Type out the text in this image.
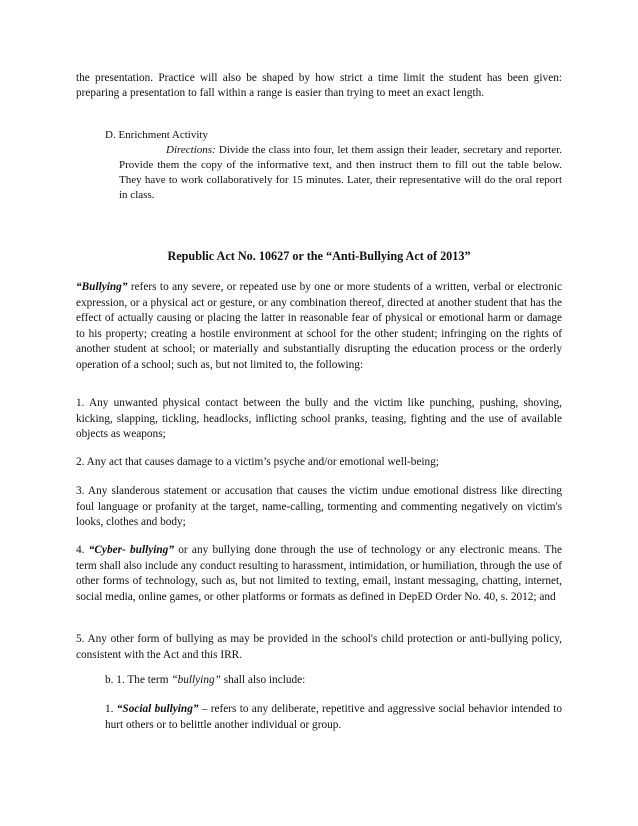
the presentation. Practice will also be shaped by how strict a time limit the student has been given: preparing a presentation to fall within a range is easier than trying to meet an exact length.
D. Enrichment Activity
Directions: Divide the class into four, let them assign their leader, secretary and reporter. Provide them the copy of the informative text, and then instruct them to fill out the table below. They have to work collaboratively for 15 minutes. Later, their representative will do the oral report in class.
Republic Act No. 10627 or the “Anti-Bullying Act of 2013”
“Bullying” refers to any severe, or repeated use by one or more students of a written, verbal or electronic expression, or a physical act or gesture, or any combination thereof, directed at another student that has the effect of actually causing or placing the latter in reasonable fear of physical or emotional harm or damage to his property; creating a hostile environment at school for the other student; infringing on the rights of another student at school; or materially and substantially disrupting the education process or the orderly operation of a school; such as, but not limited to, the following:
1. Any unwanted physical contact between the bully and the victim like punching, pushing, shoving, kicking, slapping, tickling, headlocks, inflicting school pranks, teasing, fighting and the use of available objects as weapons;
2. Any act that causes damage to a victim’s psyche and/or emotional well-being;
3. Any slanderous statement or accusation that causes the victim undue emotional distress like directing foul language or profanity at the target, name-calling, tormenting and commenting negatively on victim's looks, clothes and body;
4. “Cyber- bullying” or any bullying done through the use of technology or any electronic means. The term shall also include any conduct resulting to harassment, intimidation, or humiliation, through the use of other forms of technology, such as, but not limited to texting, email, instant messaging, chatting, internet, social media, online games, or other platforms or formats as defined in DepED Order No. 40, s. 2012; and
5. Any other form of bullying as may be provided in the school's child protection or anti-bullying policy, consistent with the Act and this IRR.
b. 1. The term “bullying” shall also include:
1. “Social bullying” – refers to any deliberate, repetitive and aggressive social behavior intended to hurt others or to belittle another individual or group.
